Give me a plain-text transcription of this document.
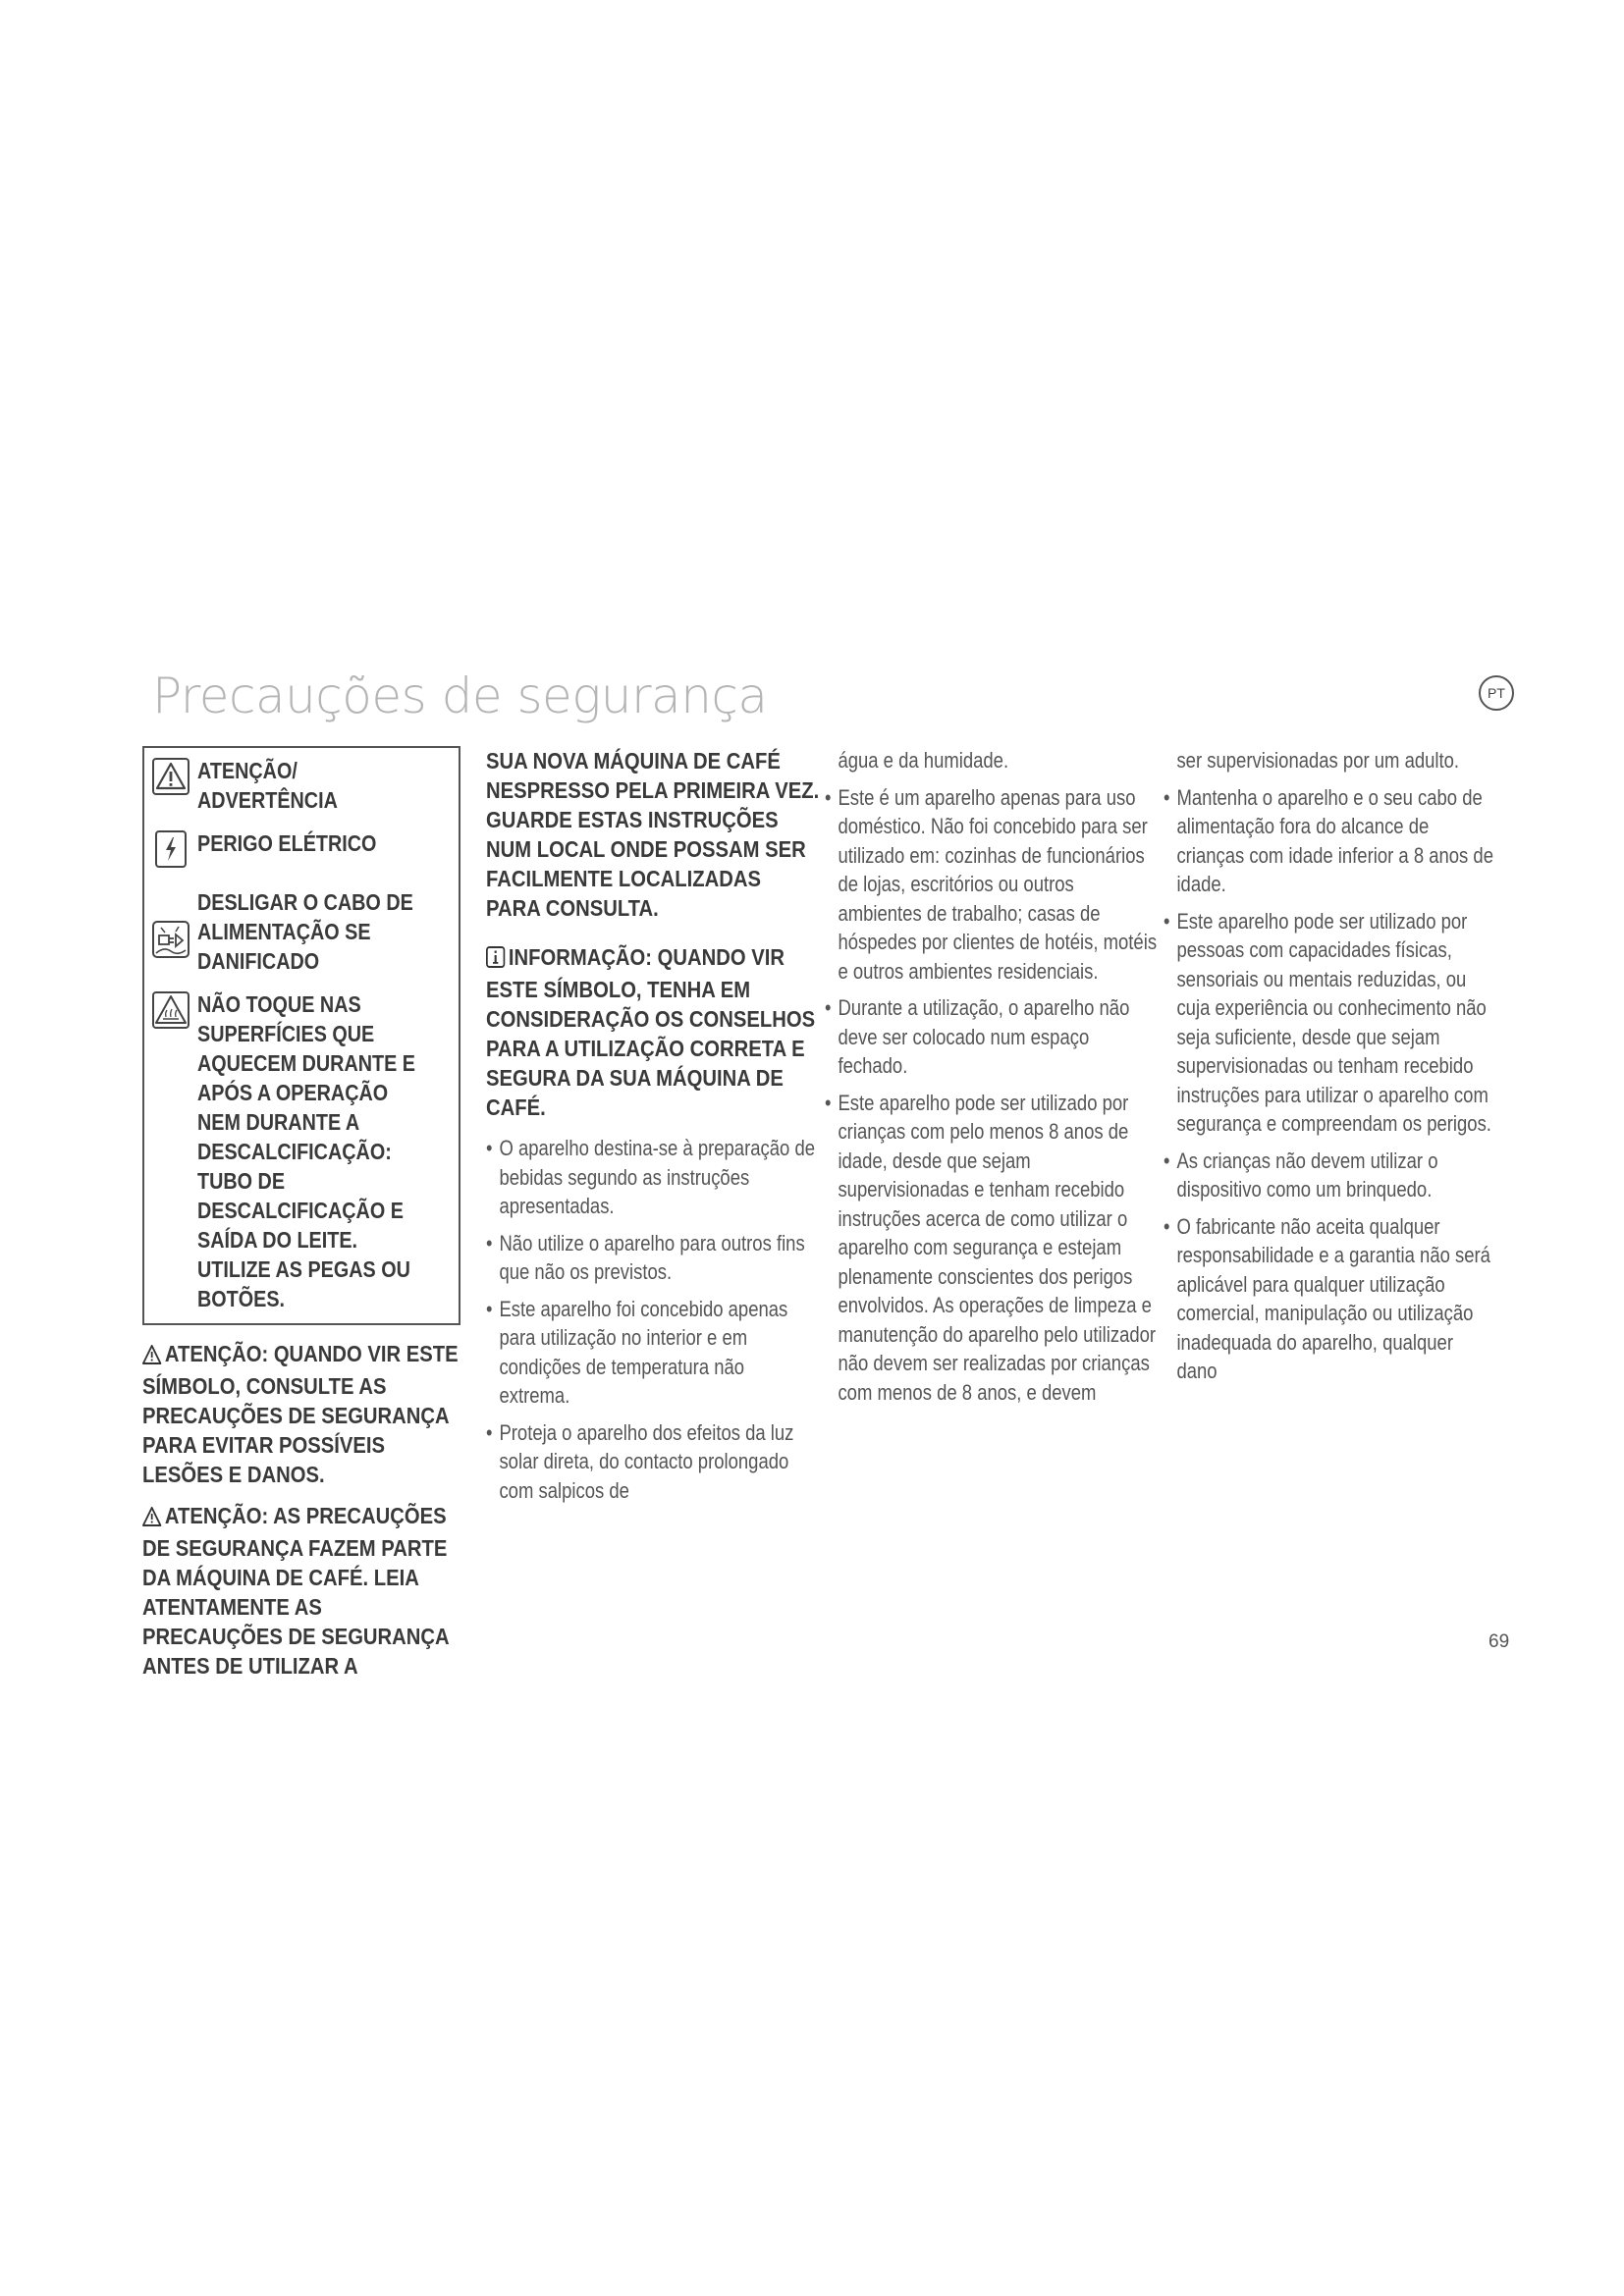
Precauções de segurança	PT
ATENÇÃO/ ADVERTÊNCIA
PERIGO ELÉTRICO
DESLIGAR O CABO DE ALIMENTAÇÃO SE DANIFICADO
NÃO TOQUE NAS SUPERFÍCIES QUE AQUECEM DURANTE E APÓS A OPERAÇÃO NEM DURANTE A DESCALCIFICAÇÃO: TUBO DE DESCALCIFICAÇÃO E SAÍDA DO LEITE. UTILIZE AS PEGAS OU BOTÕES.
ATENÇÃO: QUANDO VIR ESTE SÍMBOLO, CONSULTE AS PRECAUÇÕES DE SEGURANÇA PARA EVITAR POSSÍVEIS LESÕES E DANOS.
ATENÇÃO: AS PRECAUÇÕES DE SEGURANÇA FAZEM PARTE DA MÁQUINA DE CAFÉ. LEIA ATENTAMENTE AS PRECAUÇÕES DE SEGURANÇA ANTES DE UTILIZAR A
SUA NOVA MÁQUINA DE CAFÉ NESPRESSO PELA PRIMEIRA VEZ. GUARDE ESTAS INSTRUÇÕES NUM LOCAL ONDE POSSAM SER FACILMENTE LOCALIZADAS PARA CONSULTA.
INFORMAÇÃO: QUANDO VIR ESTE SÍMBOLO, TENHA EM CONSIDERAÇÃO OS CONSELHOS PARA A UTILIZAÇÃO CORRETA E SEGURA DA SUA MÁQUINA DE CAFÉ.
• O aparelho destina-se à preparação de bebidas segundo as instruções apresentadas.
• Não utilize o aparelho para outros fins que não os previstos.
• Este aparelho foi concebido apenas para utilização no interior e em condições de temperatura não extrema.
• Proteja o aparelho dos efeitos da luz solar direta, do contacto prolongado com salpicos de
água e da humidade.
• Este é um aparelho apenas para uso doméstico. Não foi concebido para ser utilizado em: cozinhas de funcionários de lojas, escritórios ou outros ambientes de trabalho; casas de hóspedes por clientes de hotéis, motéis e outros ambientes residenciais.
• Durante a utilização, o aparelho não deve ser colocado num espaço fechado.
• Este aparelho pode ser utilizado por crianças com pelo menos 8 anos de idade, desde que sejam supervisionadas e tenham recebido instruções acerca de como utilizar o aparelho com segurança e estejam plenamente conscientes dos perigos envolvidos. As operações de limpeza e manutenção do aparelho pelo utilizador não devem ser realizadas por crianças com menos de 8 anos, e devem
ser supervisionadas por um adulto.
• Mantenha o aparelho e o seu cabo de alimentação fora do alcance de crianças com idade inferior a 8 anos de idade.
• Este aparelho pode ser utilizado por pessoas com capacidades físicas, sensoriais ou mentais reduzidas, ou cuja experiência ou conhecimento não seja suficiente, desde que sejam supervisionadas ou tenham recebido instruções para utilizar o aparelho com segurança e compreendam os perigos.
• As crianças não devem utilizar o dispositivo como um brinquedo.
• O fabricante não aceita qualquer responsabilidade e a garantia não será aplicável para qualquer utilização comercial, manipulação ou utilização inadequada do aparelho, qualquer dano
69
